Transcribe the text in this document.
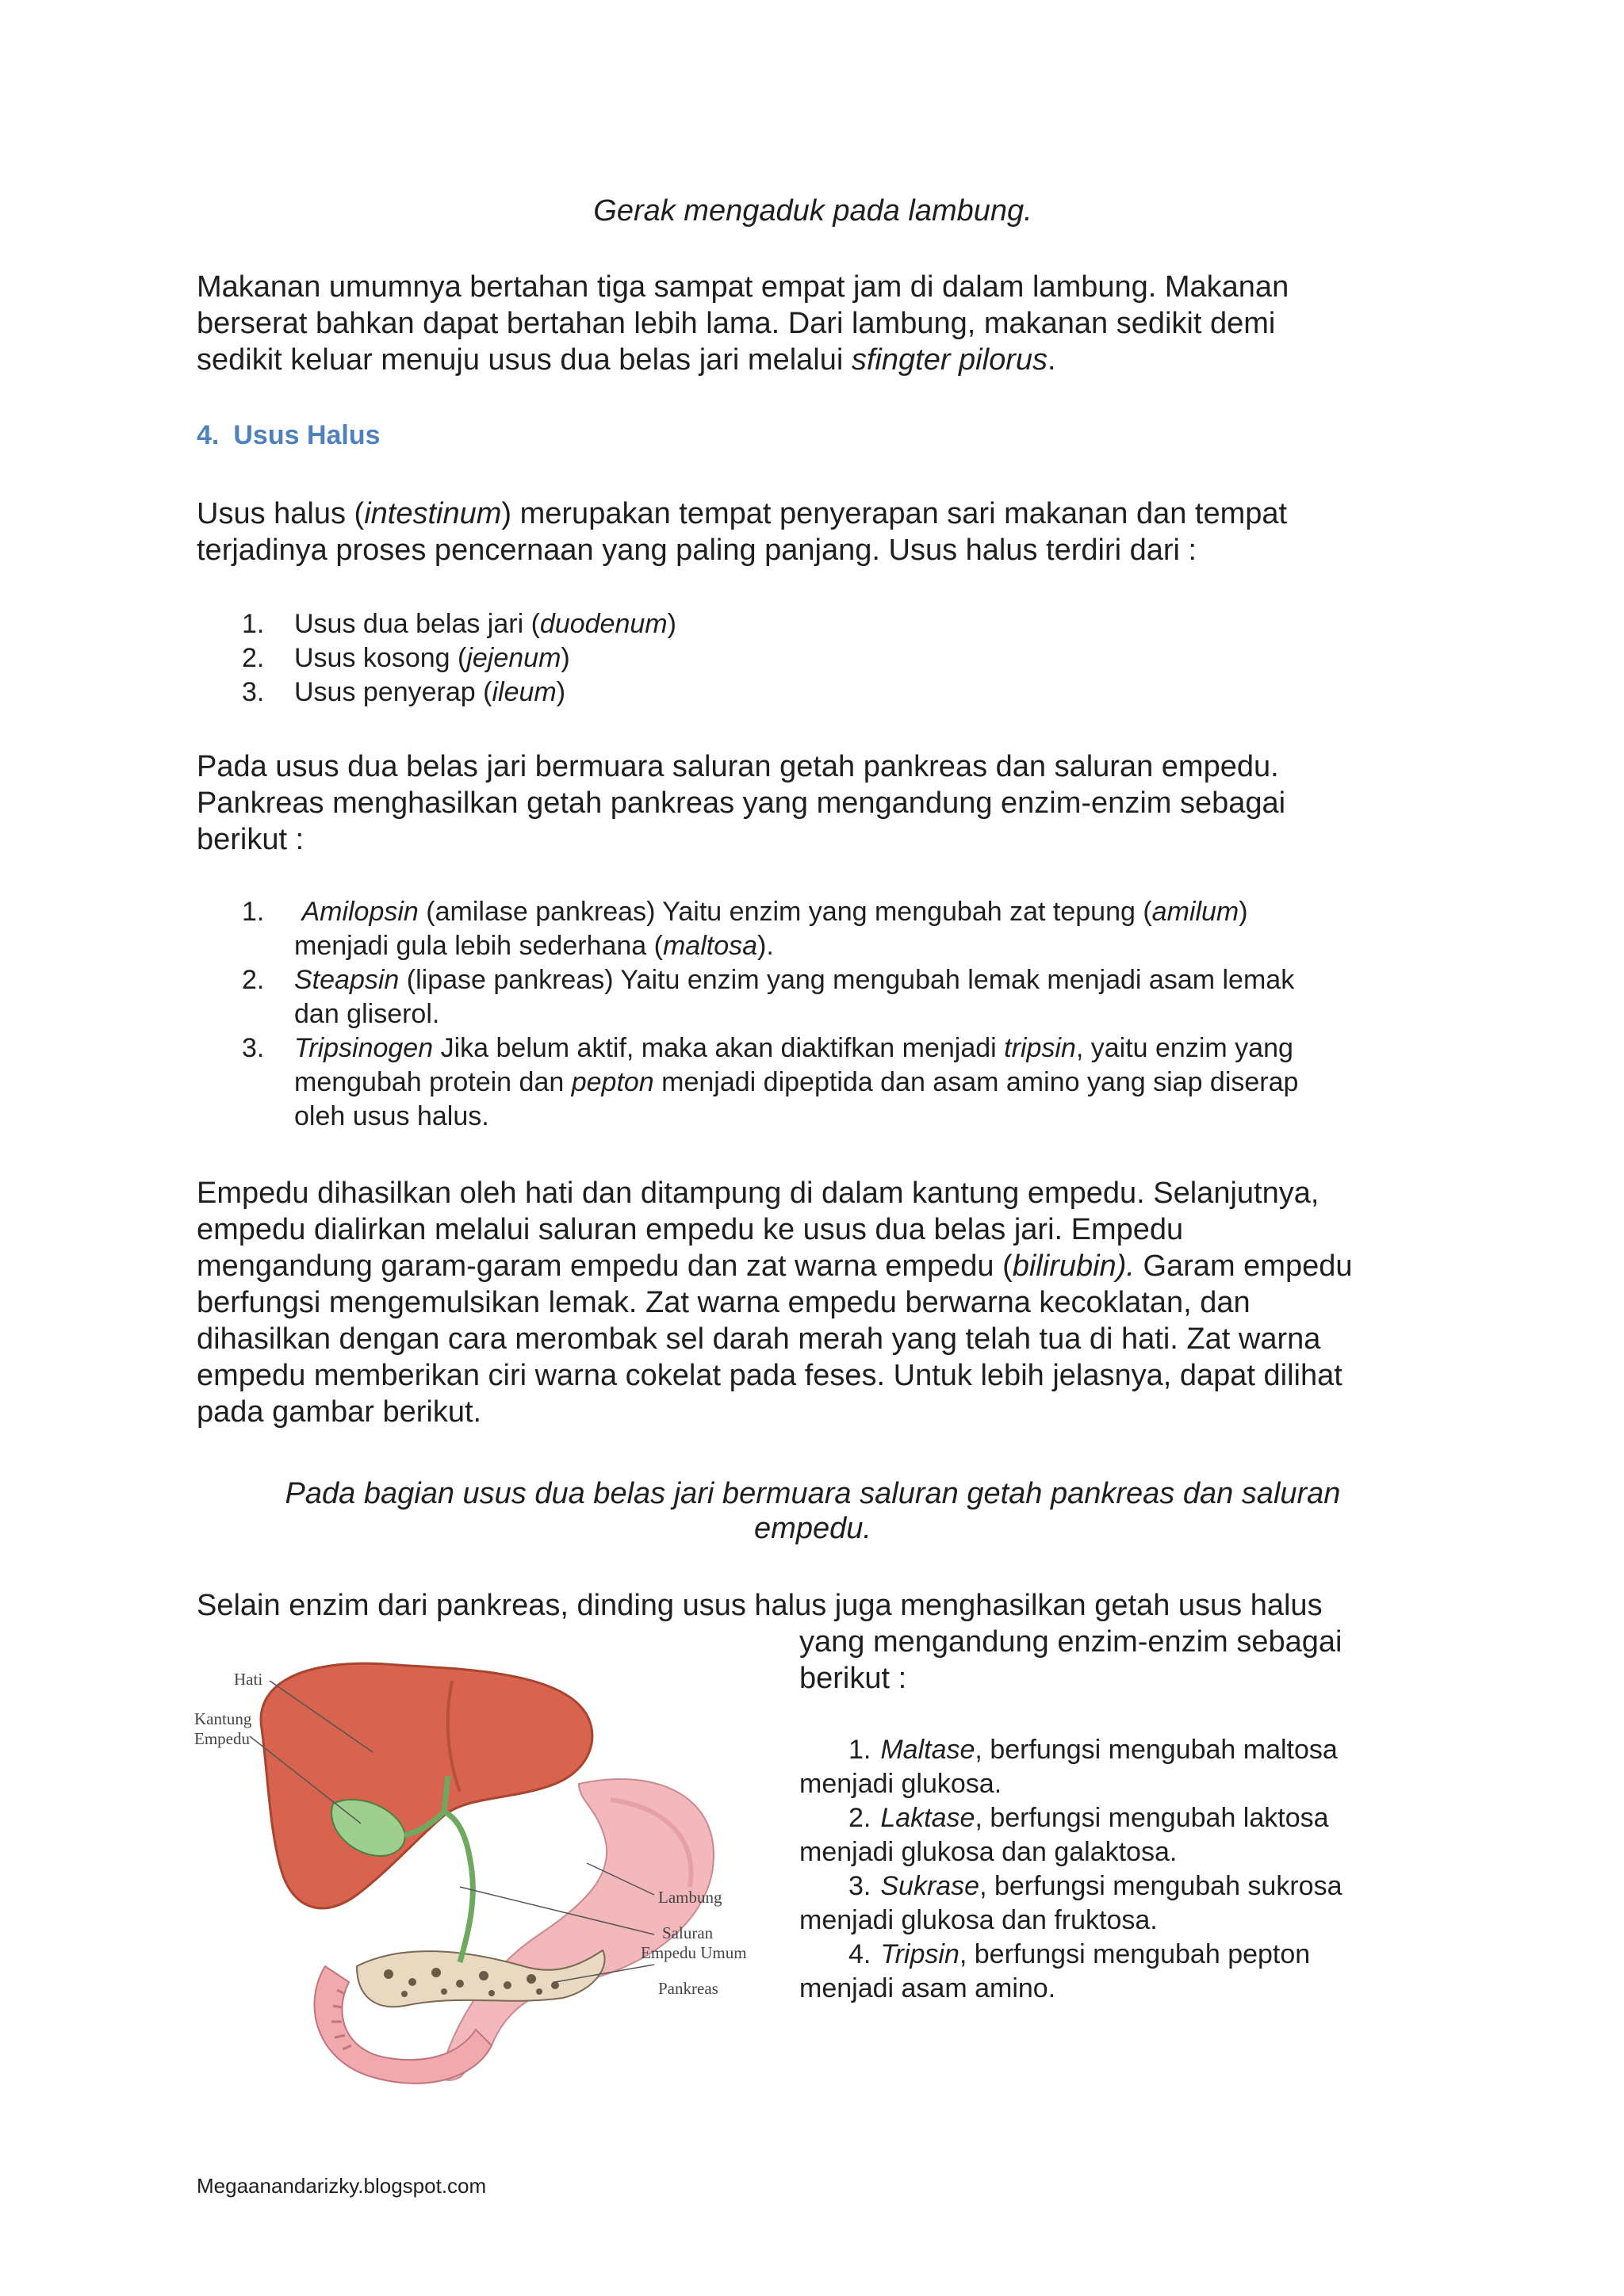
Gerak mengaduk pada lambung.

Makanan umumnya bertahan tiga sampat empat jam di dalam lambung. Makanan
berserat bahkan dapat bertahan lebih lama. Dari lambung, makanan sedikit demi
sedikit keluar menuju usus dua belas jari melalui sfingter pilorus.

4. Usus Halus

Usus halus (intestinum) merupakan tempat penyerapan sari makanan dan tempat
terjadinya proses pencernaan yang paling panjang. Usus halus terdiri dari :

1. Usus dua belas jari (duodenum)
2. Usus kosong (jejenum)
3. Usus penyerap (ileum)

Pada usus dua belas jari bermuara saluran getah pankreas dan saluran empedu.
Pankreas menghasilkan getah pankreas yang mengandung enzim-enzim sebagai
berikut :

1. Amilopsin (amilase pankreas) Yaitu enzim yang mengubah zat tepung (amilum)
menjadi gula lebih sederhana (maltosa).
2. Steapsin (lipase pankreas) Yaitu enzim yang mengubah lemak menjadi asam lemak
dan gliserol.
3. Tripsinogen Jika belum aktif, maka akan diaktifkan menjadi tripsin, yaitu enzim yang
mengubah protein dan pepton menjadi dipeptida dan asam amino yang siap diserap
oleh usus halus.

Empedu dihasilkan oleh hati dan ditampung di dalam kantung empedu. Selanjutnya,
empedu dialirkan melalui saluran empedu ke usus dua belas jari. Empedu
mengandung garam-garam empedu dan zat warna empedu (bilirubin). Garam empedu
berfungsi mengemulsikan lemak. Zat warna empedu berwarna kecoklatan, dan
dihasilkan dengan cara merombak sel darah merah yang telah tua di hati. Zat warna
empedu memberikan ciri warna cokelat pada feses. Untuk lebih jelasnya, dapat dilihat
pada gambar berikut.

Pada bagian usus dua belas jari bermuara saluran getah pankreas dan saluran
empedu.
Selain enzim dari pankreas, dinding usus halus juga menghasilkan getah usus halus
yang mengandung enzim-enzim sebagai
berikut :
1. Maltase, berfungsi mengubah maltosa
menjadi glukosa.
2. Laktase, berfungsi mengubah laktosa
menjadi glukosa dan galaktosa.
3. Sukrase, berfungsi mengubah sukrosa
menjadi glukosa dan fruktosa.
4. Tripsin, berfungsi mengubah pepton
menjadi asam amino.
Hati
Kantung
Empedu
Lambung
Saluran
Empedu Umum
Pankreas
Megaanandarizky.blogspot.com
